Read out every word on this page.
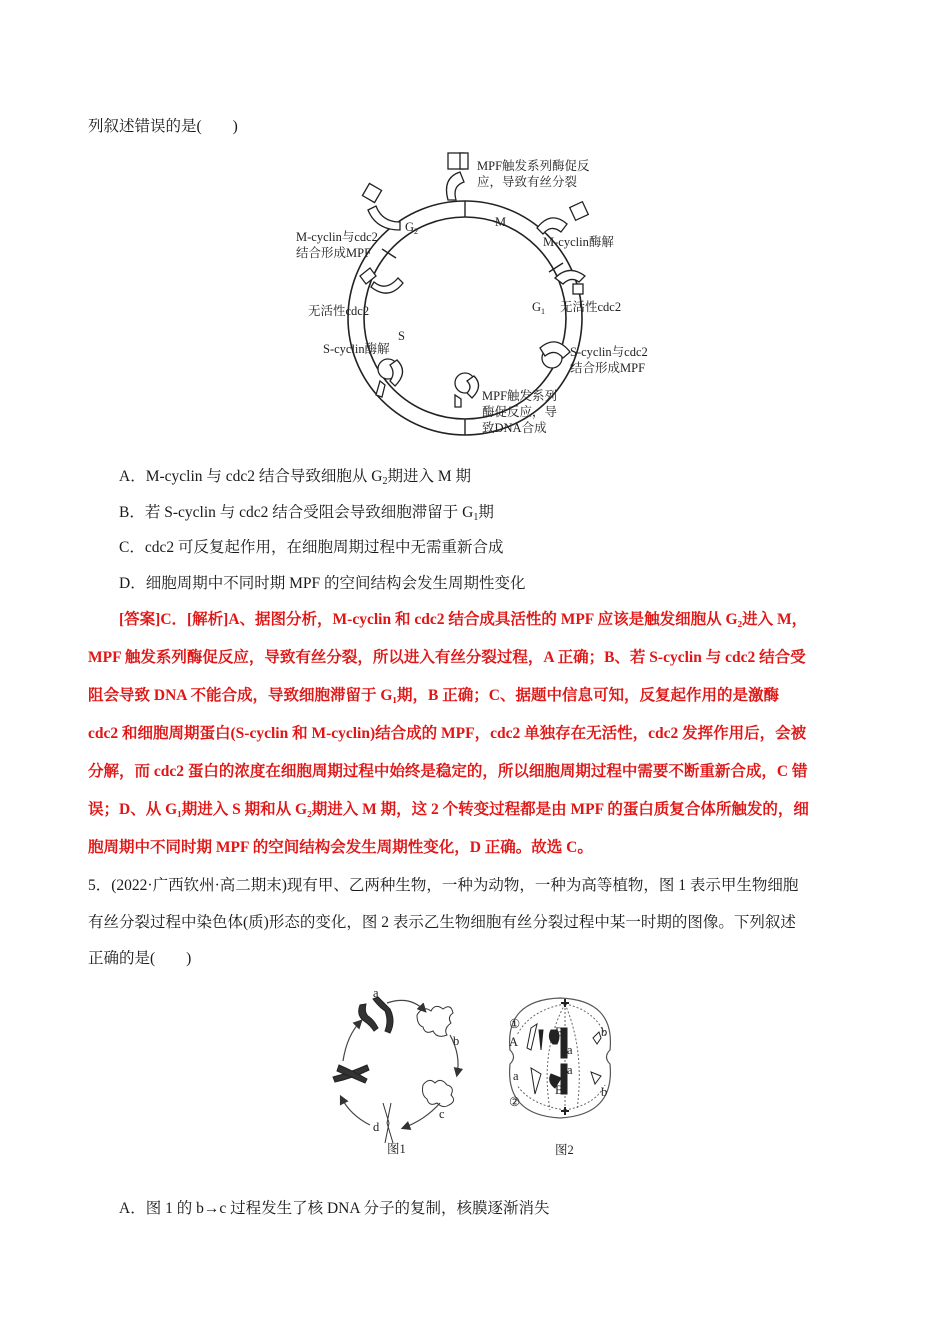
列叙述错误的是(　　)
M
$G_1$
S
$G_2$
MPF触发系列酶促反
应，导致有丝分裂
M-cyclin酶解
无活性cdc2
S-cyclin与cdc2
结合形成MPF
MPF触发系列
酶促反应，导
致DNA合成
S-cyclin酶解
无活性cdc2
M-cyclin与cdc2
结合形成MPF
A．M-cyclin 与 cdc2 结合导致细胞从 $G_2$期进入 M 期
B．若 S-cyclin 与 cdc2 结合受阻会导致细胞滞留于 $G_1$期
C．cdc2 可反复起作用，在细胞周期过程中无需重新合成
D．细胞周期中不同时期 MPF 的空间结构会发生周期性变化
[答案]C．[解析]A、据图分析，M-cyclin 和 cdc2 结合成具活性的 MPF 应该是触发细胞从 G₂进入 M，
MPF 触发系列酶促反应，导致有丝分裂，所以进入有丝分裂过程，A 正确；B、若 S-cyclin 与 cdc2 结合受
阻会导致 DNA 不能合成，导致细胞滞留于 G₁期，B 正确；C、据题中信息可知，反复起作用的是激酶
cdc2 和细胞周期蛋白(S-cyclin 和 M-cyclin)结合成的 MPF，cdc2 单独存在无活性，cdc2 发挥作用后，会被
分解，而 cdc2 蛋白的浓度在细胞周期过程中始终是稳定的，所以细胞周期过程中需要不断重新合成，C 错
误；D、从 G₁期进入 S 期和从 G₂期进入 M 期，这 2 个转变过程都是由 MPF 的蛋白质复合体所触发的，细
胞周期中不同时期 MPF 的空间结构会发生周期性变化，D 正确。故选 C。
5．(2022·广西钦州·高二期末)现有甲、乙两种生物，一种为动物，一种为高等植物，图 1 表示甲生物细胞
有丝分裂过程中染色体(质)形态的变化，图 2 表示乙生物细胞有丝分裂过程中某一时期的图像。下列叙述
正确的是(　　)
a
b
c
d
图1
①
②
A
B	b
a
a	a
B	b
图2
A．图 1 的 b→c 过程发生了核 DNA 分子的复制，核膜逐渐消失
